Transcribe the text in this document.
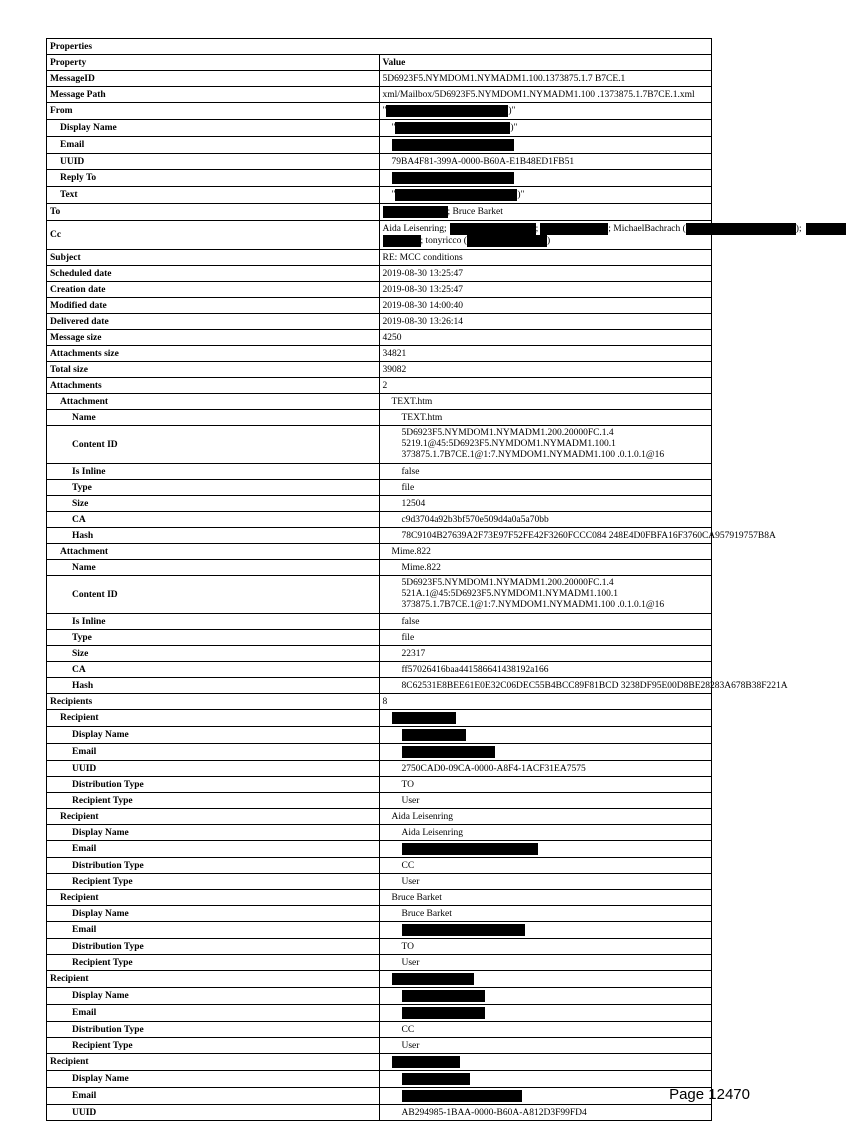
Properties	
Property	Value
MessageID	5D6923F5.NYMDOM1.NYMADM1.100.1373875.1.7 B7CE.1
Message Path	xml/Mailbox/5D6923F5.NYMDOM1.NYMADM1.100 .1373875.1.7B7CE.1.xml
From	" )"
Display Name	" )"
Email	
UUID	79BA4F81-399A-0000-B60A-E1B48ED1FB51
Reply To	
Text	" )"
To	; Bruce Barket
Cc	Aida Leisenring; ; ; MichaelBachrach ( );
; tonyricco ( )

Subject	RE: MCC conditions
Scheduled date	2019-08-30 13:25:47
Creation date	2019-08-30 13:25:47
Modified date	2019-08-30 14:00:40
Delivered date	2019-08-30 13:26:14
Message size	4250
Attachments size	34821
Total size	39082
Attachments	2
Attachment	TEXT.htm
Name	TEXT.htm
Content ID	5D6923F5.NYMDOM1.NYMADM1.200.20000FC.1.4
5219.1@45:5D6923F5.NYMDOM1.NYMADM1.100.1
373875.1.7B7CE.1@1:7.NYMDOM1.NYMADM1.100 .0.1.0.1@16

Is Inline	false
Type	file
Size	12504
CA	c9d3704a92b3bf570e509d4a0a5a70bb
Hash	78C9104B27639A2F73E97F52FE42F3260FCCC084 248E4D0FBFA16F3760CA957919757B8A
Attachment	Mime.822
Name	Mime.822
Content ID	5D6923F5.NYMDOM1.NYMADM1.200.20000FC.1.4
521A.1@45:5D6923F5.NYMDOM1.NYMADM1.100.1
373875.1.7B7CE.1@1:7.NYMDOM1.NYMADM1.100 .0.1.0.1@16

Is Inline	false
Type	file
Size	22317
CA	ff57026416baa441586641438192a166
Hash	8C62531E8BEE61E0E32C06DEC55B4BCC89F81BCD 3238DF95E00D8BE28283A678B38F221A
Recipients	8
Recipient	
Display Name	
Email	
UUID	2750CAD0-09CA-0000-A8F4-1ACF31EA7575
Distribution Type	TO
Recipient Type	User
Recipient	Aida Leisenring
Display Name	Aida Leisenring
Email	
Distribution Type	CC
Recipient Type	User
Recipient	Bruce Barket
Display Name	Bruce Barket
Email	
Distribution Type	TO
Recipient Type	User
Recipient	
Display Name	
Email	
Distribution Type	CC
Recipient Type	User
Recipient	
Display Name	
Email	
UUID	AB294985-1BAA-0000-B60A-A812D3F99FD4
Page 12470
